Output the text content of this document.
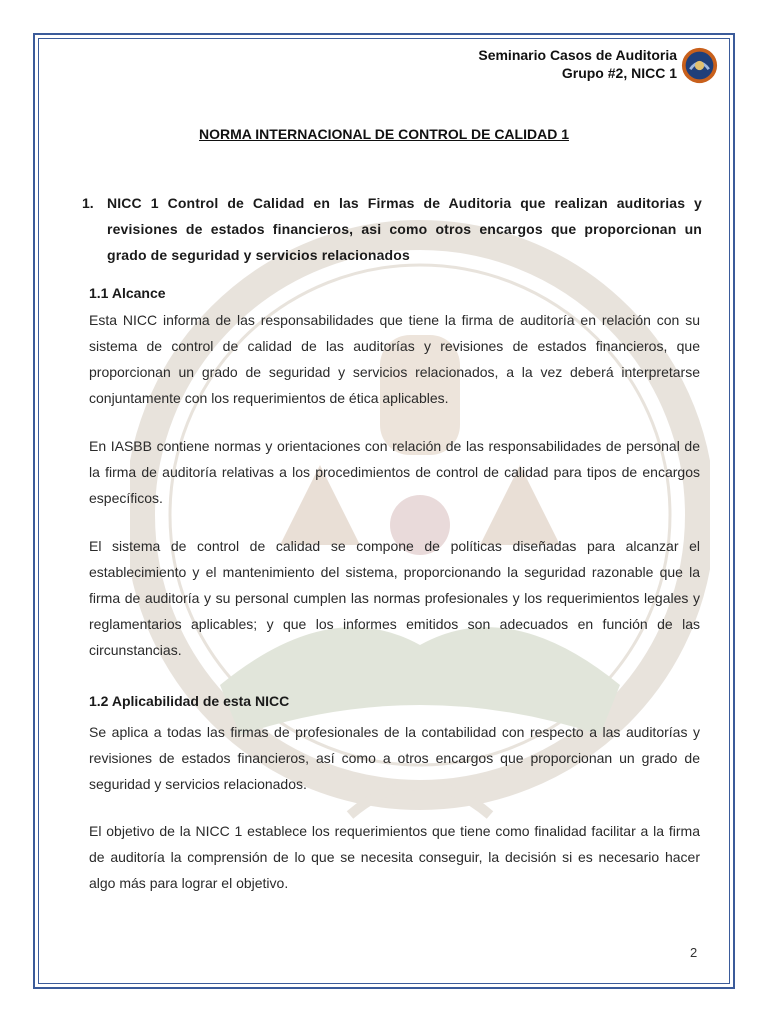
Seminario Casos de Auditoria
Grupo #2, NICC 1
NORMA INTERNACIONAL DE CONTROL DE CALIDAD 1
1. NICC 1 Control de Calidad en las Firmas de Auditoria que realizan auditorias y revisiones de estados financieros, asi como otros encargos que proporcionan un grado de seguridad y servicios relacionados
1.1 Alcance

Esta NICC informa de las responsabilidades que tiene la firma de auditoría en relación con su sistema de control de calidad de las auditorías y revisiones de estados financieros, que proporcionan un grado de seguridad y servicios relacionados, a la vez deberá interpretarse conjuntamente con los requerimientos de ética aplicables.

En IASBB contiene normas y orientaciones con relación de las responsabilidades de personal de la firma de auditoría relativas a los procedimientos de control de calidad para tipos de encargos específicos.

El sistema de control de calidad se compone de políticas diseñadas para alcanzar el establecimiento y el mantenimiento del sistema, proporcionando la seguridad razonable que la firma de auditoría y su personal cumplen las normas profesionales y los requerimientos legales y reglamentarios aplicables; y que los informes emitidos son adecuados en función de las circunstancias.

1.2 Aplicabilidad de esta NICC

Se aplica a todas las firmas de profesionales de la contabilidad con respecto a las auditorías y revisiones de estados financieros, así como a otros encargos que proporcionan un grado de seguridad y servicios relacionados.

El objetivo de la NICC 1 establece los requerimientos que tiene como finalidad facilitar a la firma de auditoría la comprensión de lo que se necesita conseguir, la decisión si es necesario hacer algo más para lograr el objetivo.

2
